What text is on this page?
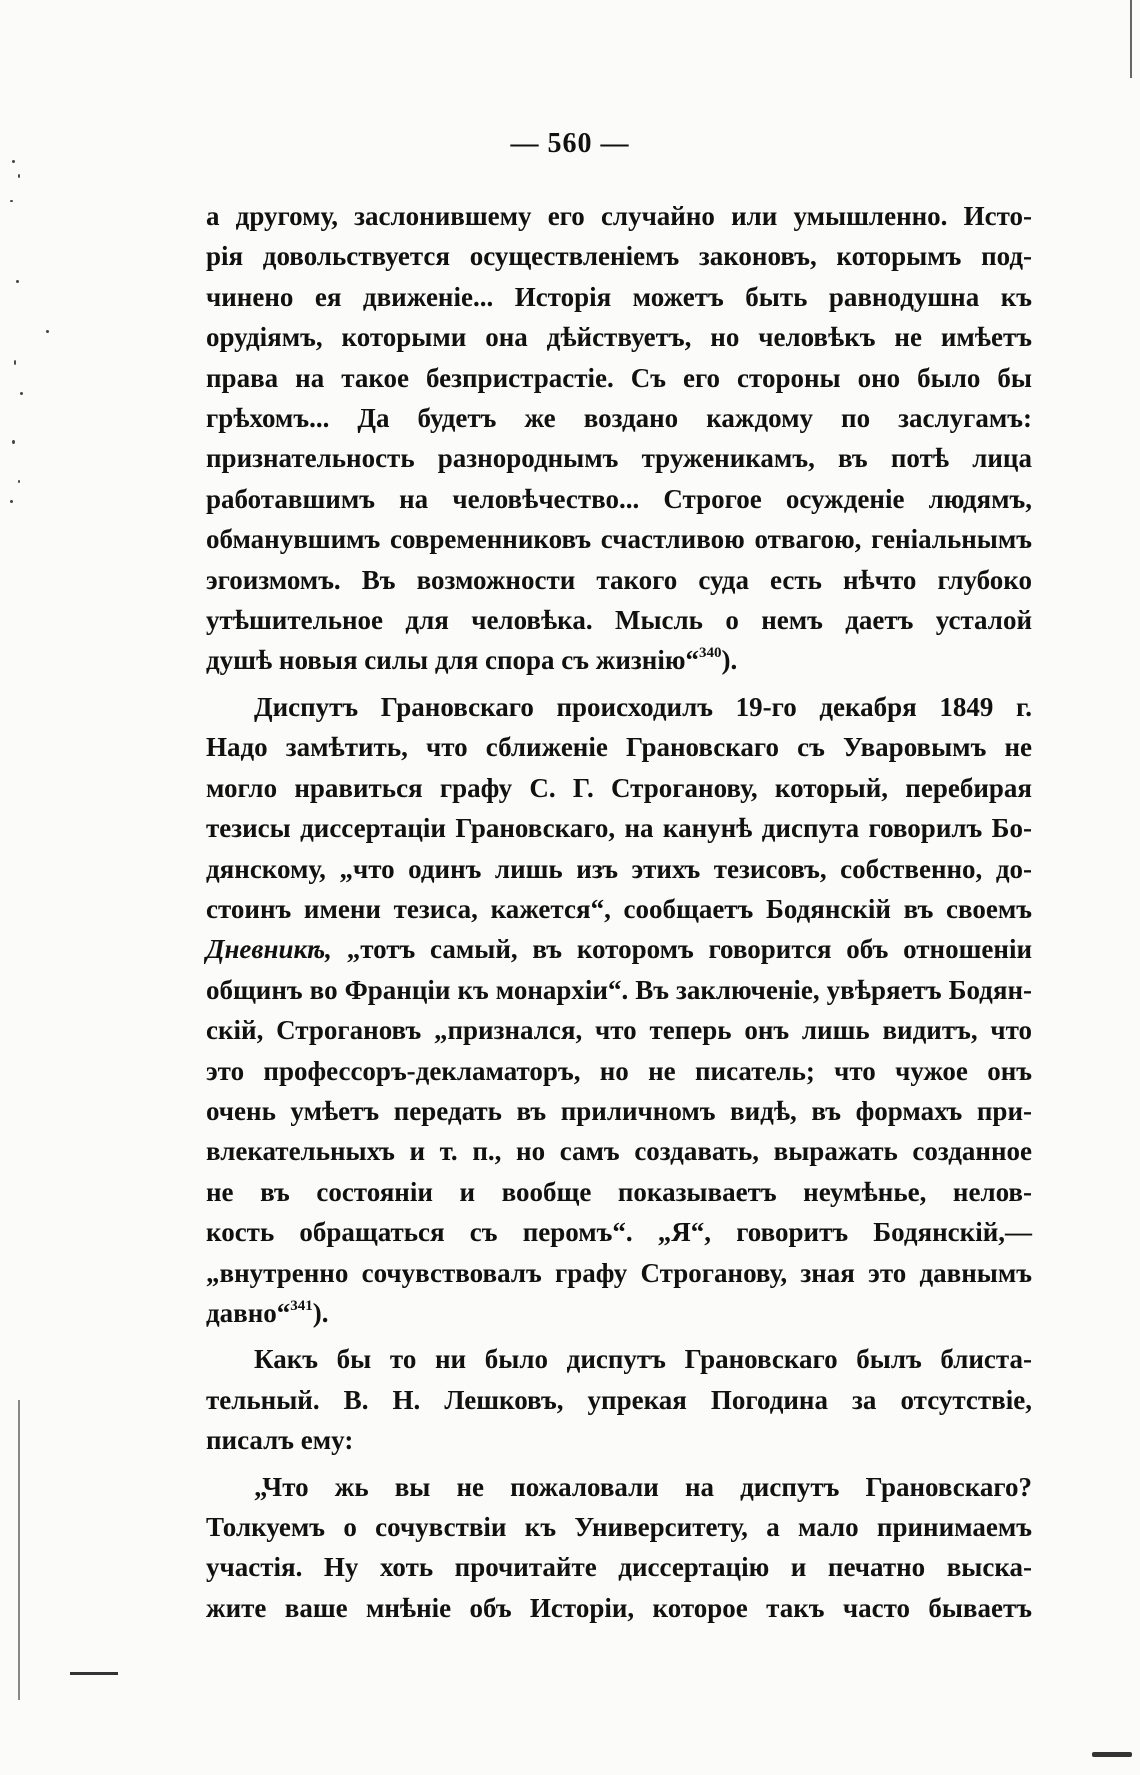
— 560 —
а другому, заслонившему его случайно или умышленно. Исто-
рія довольствуется осуществленіемъ законовъ, которымъ под-
чинено ея движеніе... Исторія можетъ быть равнодушна къ
орудіямъ, которыми она дѣйствуетъ, но человѣкъ не имѣетъ
права на такое безпристрастіе. Съ его стороны оно было бы
грѣхомъ... Да будетъ же воздано каждому по заслугамъ:
признательность разнороднымъ труженикамъ, въ потѣ лица
работавшимъ на человѣчество... Строгое осужденіе людямъ,
обманувшимъ современниковъ счастливою отвагою, геніальнымъ
эгоизмомъ. Въ возможности такого суда есть нѣчто глубоко
утѣшительное для человѣка. Мысль о немъ даетъ усталой
душѣ новыя силы для спора съ жизнію“$^{340}$).
Диспутъ Грановскаго происходилъ 19-го декабря 1849 г.
Надо замѣтить, что сближеніе Грановскаго съ Уваровымъ не
могло нравиться графу С. Г. Строганову, который, перебирая
тезисы диссертаціи Грановскаго, на канунѣ диспута говорилъ Бо-
дянскому, „что одинъ лишь изъ этихъ тезисовъ, собственно, до-
стоинъ имени тезиса, кажется“, сообщаетъ Бодянскій въ своемъ
Дневникѣ, „тотъ самый, въ которомъ говорится объ отношеніи
общинъ во Франціи къ монархіи“. Въ заключеніе, увѣряетъ Бодян-
скій, Строгановъ „признался, что теперь онъ лишь видитъ, что
это профессоръ-декламаторъ, но не писатель; что чужое онъ
очень умѣетъ передать въ приличномъ видѣ, въ формахъ при-
влекательныхъ и т. п., но самъ создавать, выражать созданное
не въ состояніи и вообще показываетъ неумѣнье, нелов-
кость обращаться съ перомъ“. „Я“, говоритъ Бодянскій,—
„внутренно сочувствовалъ графу Строганову, зная это давнымъ
давно“$^{341}$).
Какъ бы то ни было диспутъ Грановскаго былъ блиста-
тельный. В. Н. Лешковъ, упрекая Погодина за отсутствіе,
писалъ ему:
„Что жь вы не пожаловали на диспутъ Грановскаго?
Толкуемъ о сочувствіи къ Университету, а мало принимаемъ
участія. Ну хоть прочитайте диссертацію и печатно выска-
жите ваше мнѣніе объ Исторіи, которое такъ часто бываетъ
